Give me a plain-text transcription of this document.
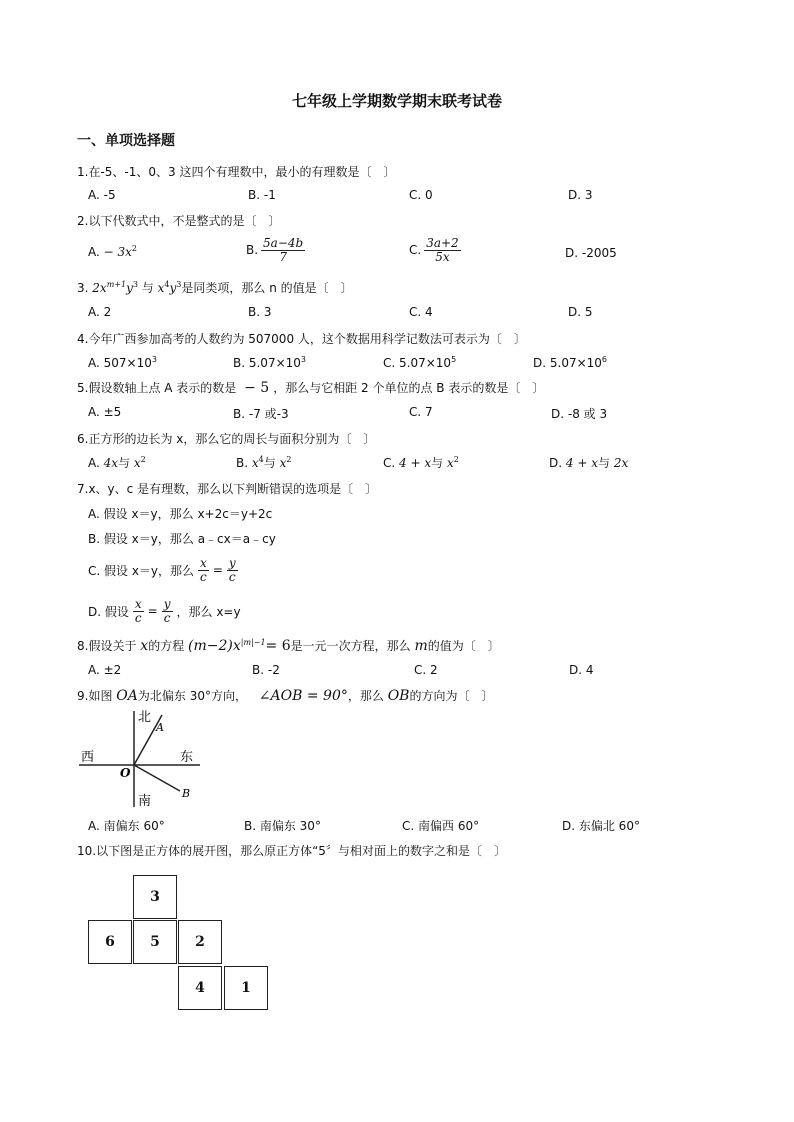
七年级上学期数学期末联考试卷
一、单项选择题
1.在-5、-1、0、3 这四个有理数中，最小的有理数是〔　〕
A. -5	B. -1	C. 0	D. 3
2.以下代数式中，不是整式的是〔　〕
A. − $3x^2$	B. $\frac{5a-4b}{7}$	C. $\frac{3a+2}{5x}$	D. -2005
3. $2x^{m+1}y^3$ 与 $x^4y^3$是同类项，那么 n 的值是〔　〕
A. 2	B. 3	C. 4	D. 5
4.今年广西参加高考的人数约为 507000 人，这个数据用科学记数法可表示为〔　〕
A. $507\times 10^3$	B. $5.07\times 10^3$	C. $5.07\times 10^5$	D. $5.07\times 10^6$
5.假设数轴上点 A 表示的数是 − 5 ，那么与它相距 2 个单位的点 B 表示的数是〔　〕
A. ±5	B. -7 或-3	C. 7	D. -8 或 3
6.正方形的边长为 x，那么它的周长与面积分别为〔　〕
A. 4x与 $x^2$	B. $x^4$与 $x^2$	C. 4 + x与 $x^2$	D. 4 + x与 2x
7.x、y、c 是有理数，那么以下判断错误的选项是〔　〕
A. 假设 x＝y，那么 x+2c＝y+2c
B. 假设 x＝y，那么 a﹣cx＝a﹣cy
C. 假设 x＝y，那么 $\frac{x}{c} = \frac{y}{c}$
D. 假设 $\frac{x}{c} = \frac{y}{c}$ ，那么 x=y
8.假设关于 x的方程 $(m-2)x^{|m|-1}= 6$是一元一次方程，那么 m的值为〔　〕
A. ±2	B. -2	C. 2	D. 4
9.如图 OA为北偏东 30°方向， ∠AOB = 90°，那么 OB的方向为〔　〕
北
南
东
西
O
A
B
A. 南偏东 60°	B. 南偏东 30°	C. 南偏西 60°	D. 东偏北 60°
10.以下图是正方体的展开图，那么原正方体“5〞与相对面上的数字之和是〔　〕
3
6	5	2
4	1
